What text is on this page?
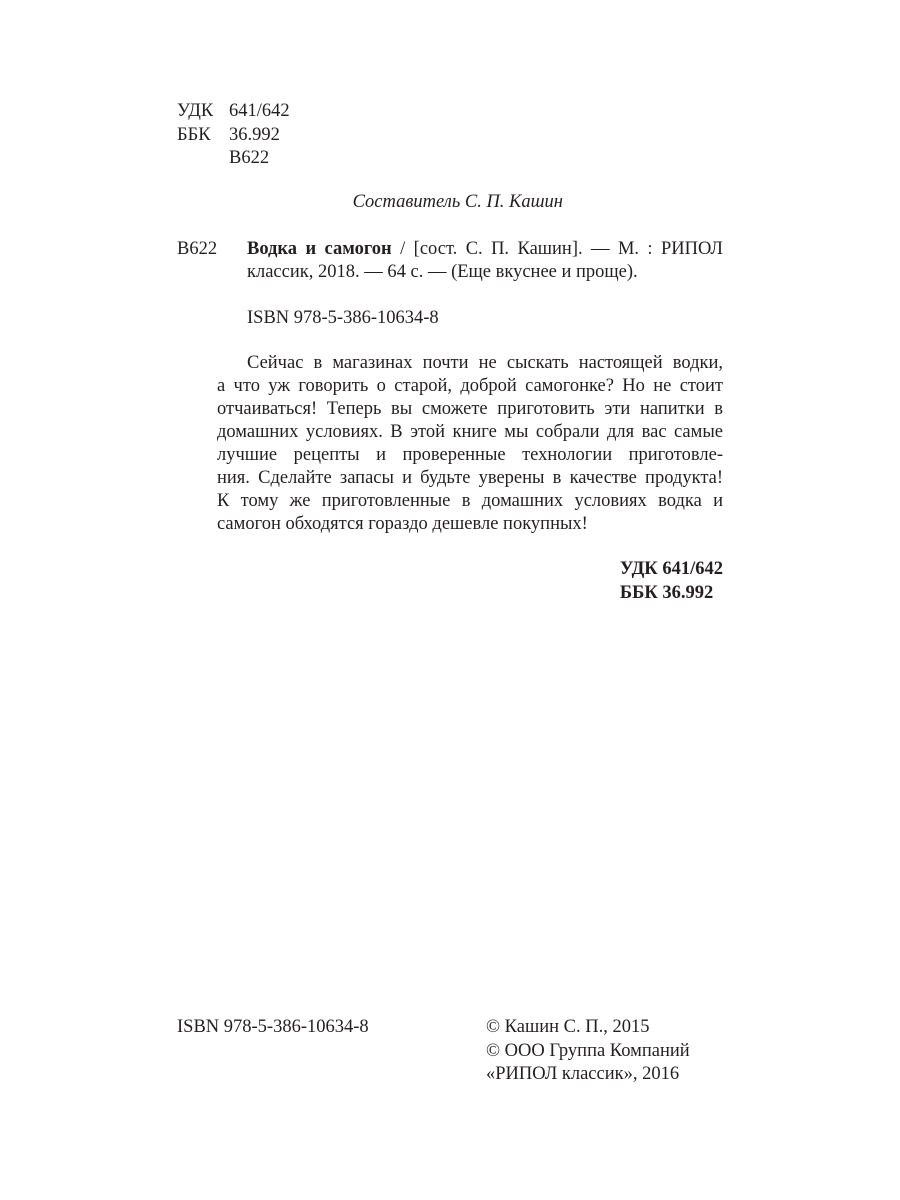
УДК 641/642
ББК 36.992
В622
Составитель С. П. Кашин
В622	Водка и самогон / [сост. С. П. Кашин]. — М. : РИПОЛ
классик, 2018. — 64 с. — (Еще вкуснее и проще).
ISBN 978-5-386-10634-8
Сейчас в магазинах почти не сыскать настоящей водки,
а что уж говорить о старой, доброй самогонке? Но не стоит
отчаиваться! Теперь вы сможете приготовить эти напитки в
домашних условиях. В этой книге мы собрали для вас самые
лучшие рецепты и проверенные технологии приготовле-
ния. Сделайте запасы и будьте уверены в качестве продукта!
К тому же приготовленные в домашних условиях водка и
самогон обходятся гораздо дешевле покупных!
УДК 641/642
ББК 36.992
ISBN 978-5-386-10634-8	© Кашин С. П., 2015
© ООО Группа Компаний
«РИПОЛ классик», 2016
